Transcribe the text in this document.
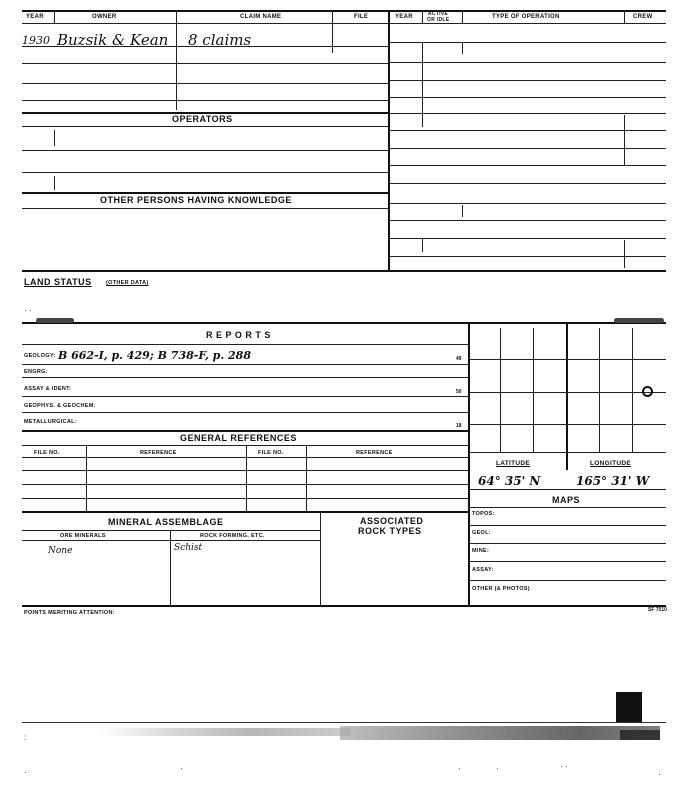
YEAR	OWNER	CLAIM NAME	FILE	YEAR	ACTIVE
OR IDLE	TYPE OF OPERATION	CREW
1930 Buzsik & Kean 8 claims
OPERATORS
OTHER PERSONS HAVING KNOWLEDGE
LAND STATUS	(OTHER DATA)
· ·
R E P O R T S
GEOLOGY: B 662-I, p. 429; B 738-F, p. 288	49
ENGRG:
ASSAY & IDENT:	50
GEOPHYS. & GEOCHEM:
METALLURGICAL:
18
GENERAL REFERENCES
FILE NO.	REFERENCE	FILE NO.	REFERENCE
MINERAL ASSEMBLAGE	ASSOCIATED
ROCK TYPES
ORE MINERALS	ROCK FORMING, ETC.
None	Schist
LATITUDE	LONGITUDE
64° 35' N	165° 31' W
MAPS
TOPOS:
GEOL:
MINE:
ASSAY:
OTHER (& PHOTOS)
POINTS MERITING ATTENTION:	SF 7010
:
·	·	·	·	· ·
·
